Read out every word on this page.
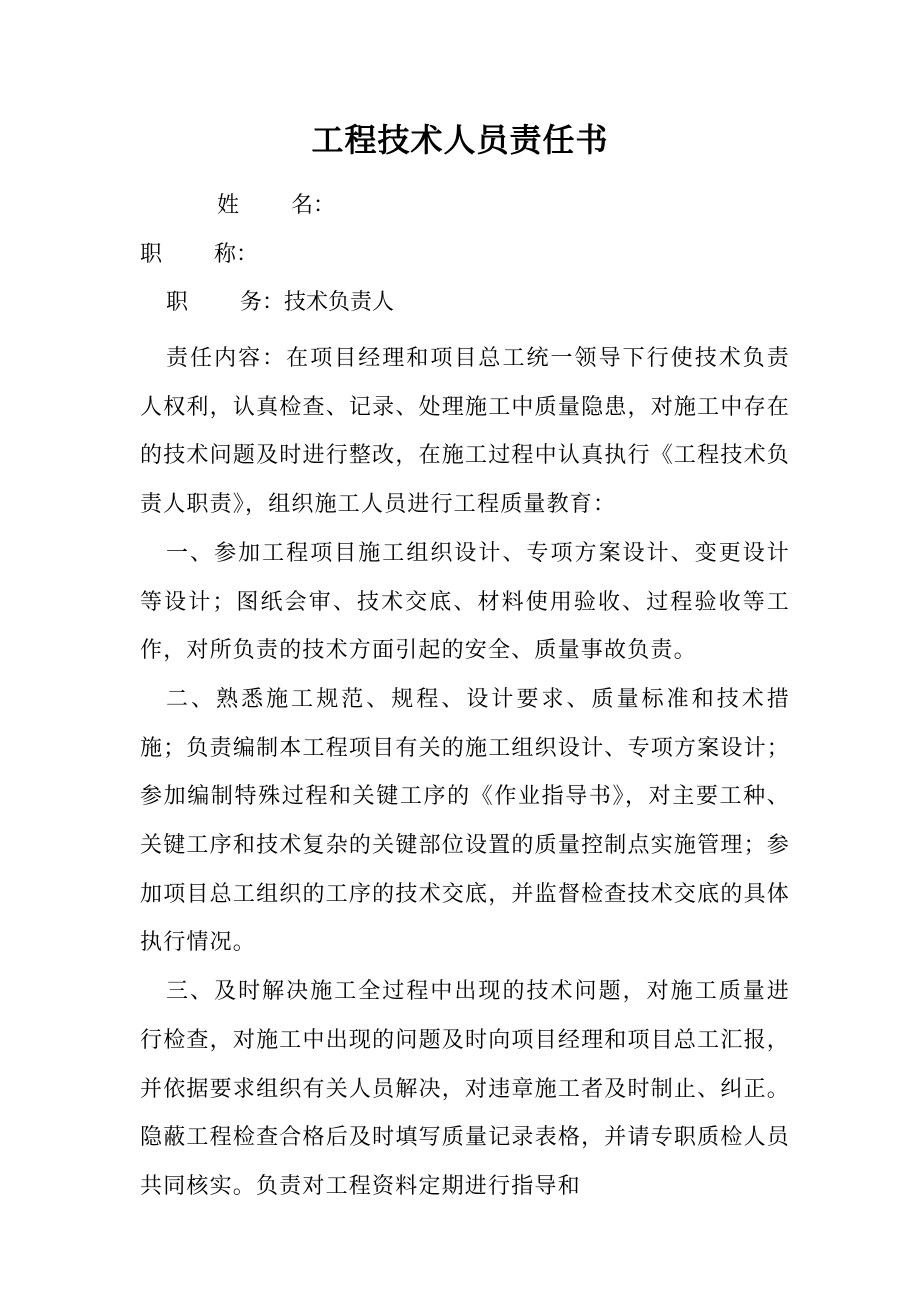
工程技术人员责任书
姓 名：
职 称：
职 务：技术负责人

责任内容：在项目经理和项目总工统一领导下行使技术负责人权利，认真检查、记录、处理施工中质量隐患，对施工中存在的技术问题及时进行整改，在施工过程中认真执行《工程技术负责人职责》，组织施工人员进行工程质量教育：

一、参加工程项目施工组织设计、专项方案设计、变更设计等设计；图纸会审、技术交底、材料使用验收、过程验收等工作，对所负责的技术方面引起的安全、质量事故负责。

二、熟悉施工规范、规程、设计要求、质量标准和技术措施；负责编制本工程项目有关的施工组织设计、专项方案设计；参加编制特殊过程和关键工序的《作业指导书》，对主要工种、关键工序和技术复杂的关键部位设置的质量控制点实施管理；参加项目总工组织的工序的技术交底，并监督检查技术交底的具体执行情况。

三、及时解决施工全过程中出现的技术问题，对施工质量进行检查，对施工中出现的问题及时向项目经理和项目总工汇报，并依据要求组织有关人员解决，对违章施工者及时制止、纠正。隐蔽工程检查合格后及时填写质量记录表格，并请专职质检人员共同核实。负责对工程资料定期进行指导和
